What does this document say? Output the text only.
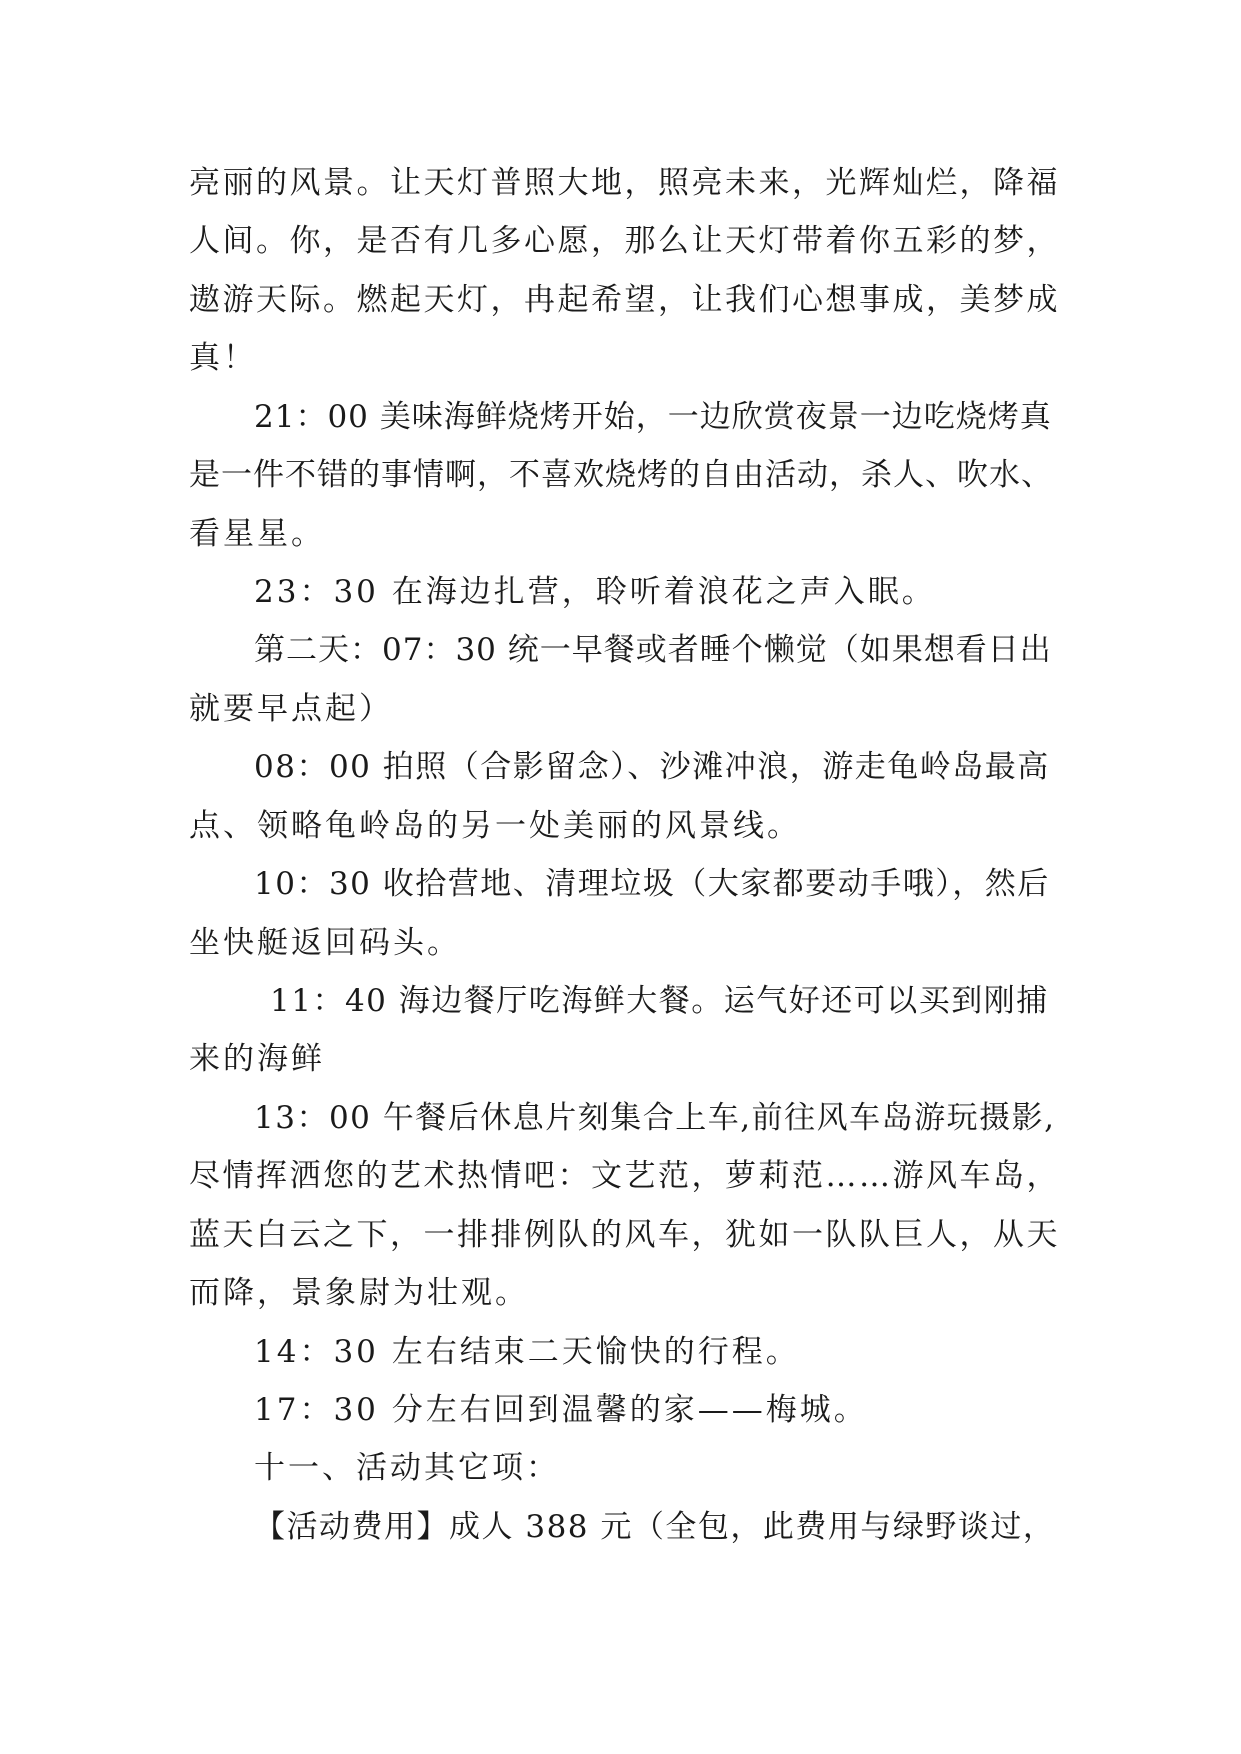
亮丽的风景。让天灯普照大地，照亮未来，光辉灿烂，降福
人间。你，是否有几多心愿，那么让天灯带着你五彩的梦，
遨游天际。燃起天灯，冉起希望，让我们心想事成，美梦成
真！
21：00 美味海鲜烧烤开始，一边欣赏夜景一边吃烧烤真
是一件不错的事情啊，不喜欢烧烤的自由活动，杀人、吹水、
看星星。
23：30 在海边扎营，聆听着浪花之声入眠。
第二天：07：30 统一早餐或者睡个懒觉（如果想看日出
就要早点起）
08：00 拍照（合影留念）、沙滩冲浪，游走龟岭岛最高
点、领略龟岭岛的另一处美丽的风景线。
10：30 收拾营地、清理垃圾（大家都要动手哦），然后
坐快艇返回码头。
11：40 海边餐厅吃海鲜大餐。运气好还可以买到刚捕
来的海鲜
13：00 午餐后休息片刻集合上车,前往风车岛游玩摄影,
尽情挥洒您的艺术热情吧：文艺范，萝莉范……游风车岛，
蓝天白云之下，一排排例队的风车，犹如一队队巨人，从天
而降，景象尉为壮观。
14：30 左右结束二天愉快的行程。
17：30 分左右回到温馨的家——梅城。
十一、活动其它项：
【活动费用】成人 388 元（全包，此费用与绿野谈过，
